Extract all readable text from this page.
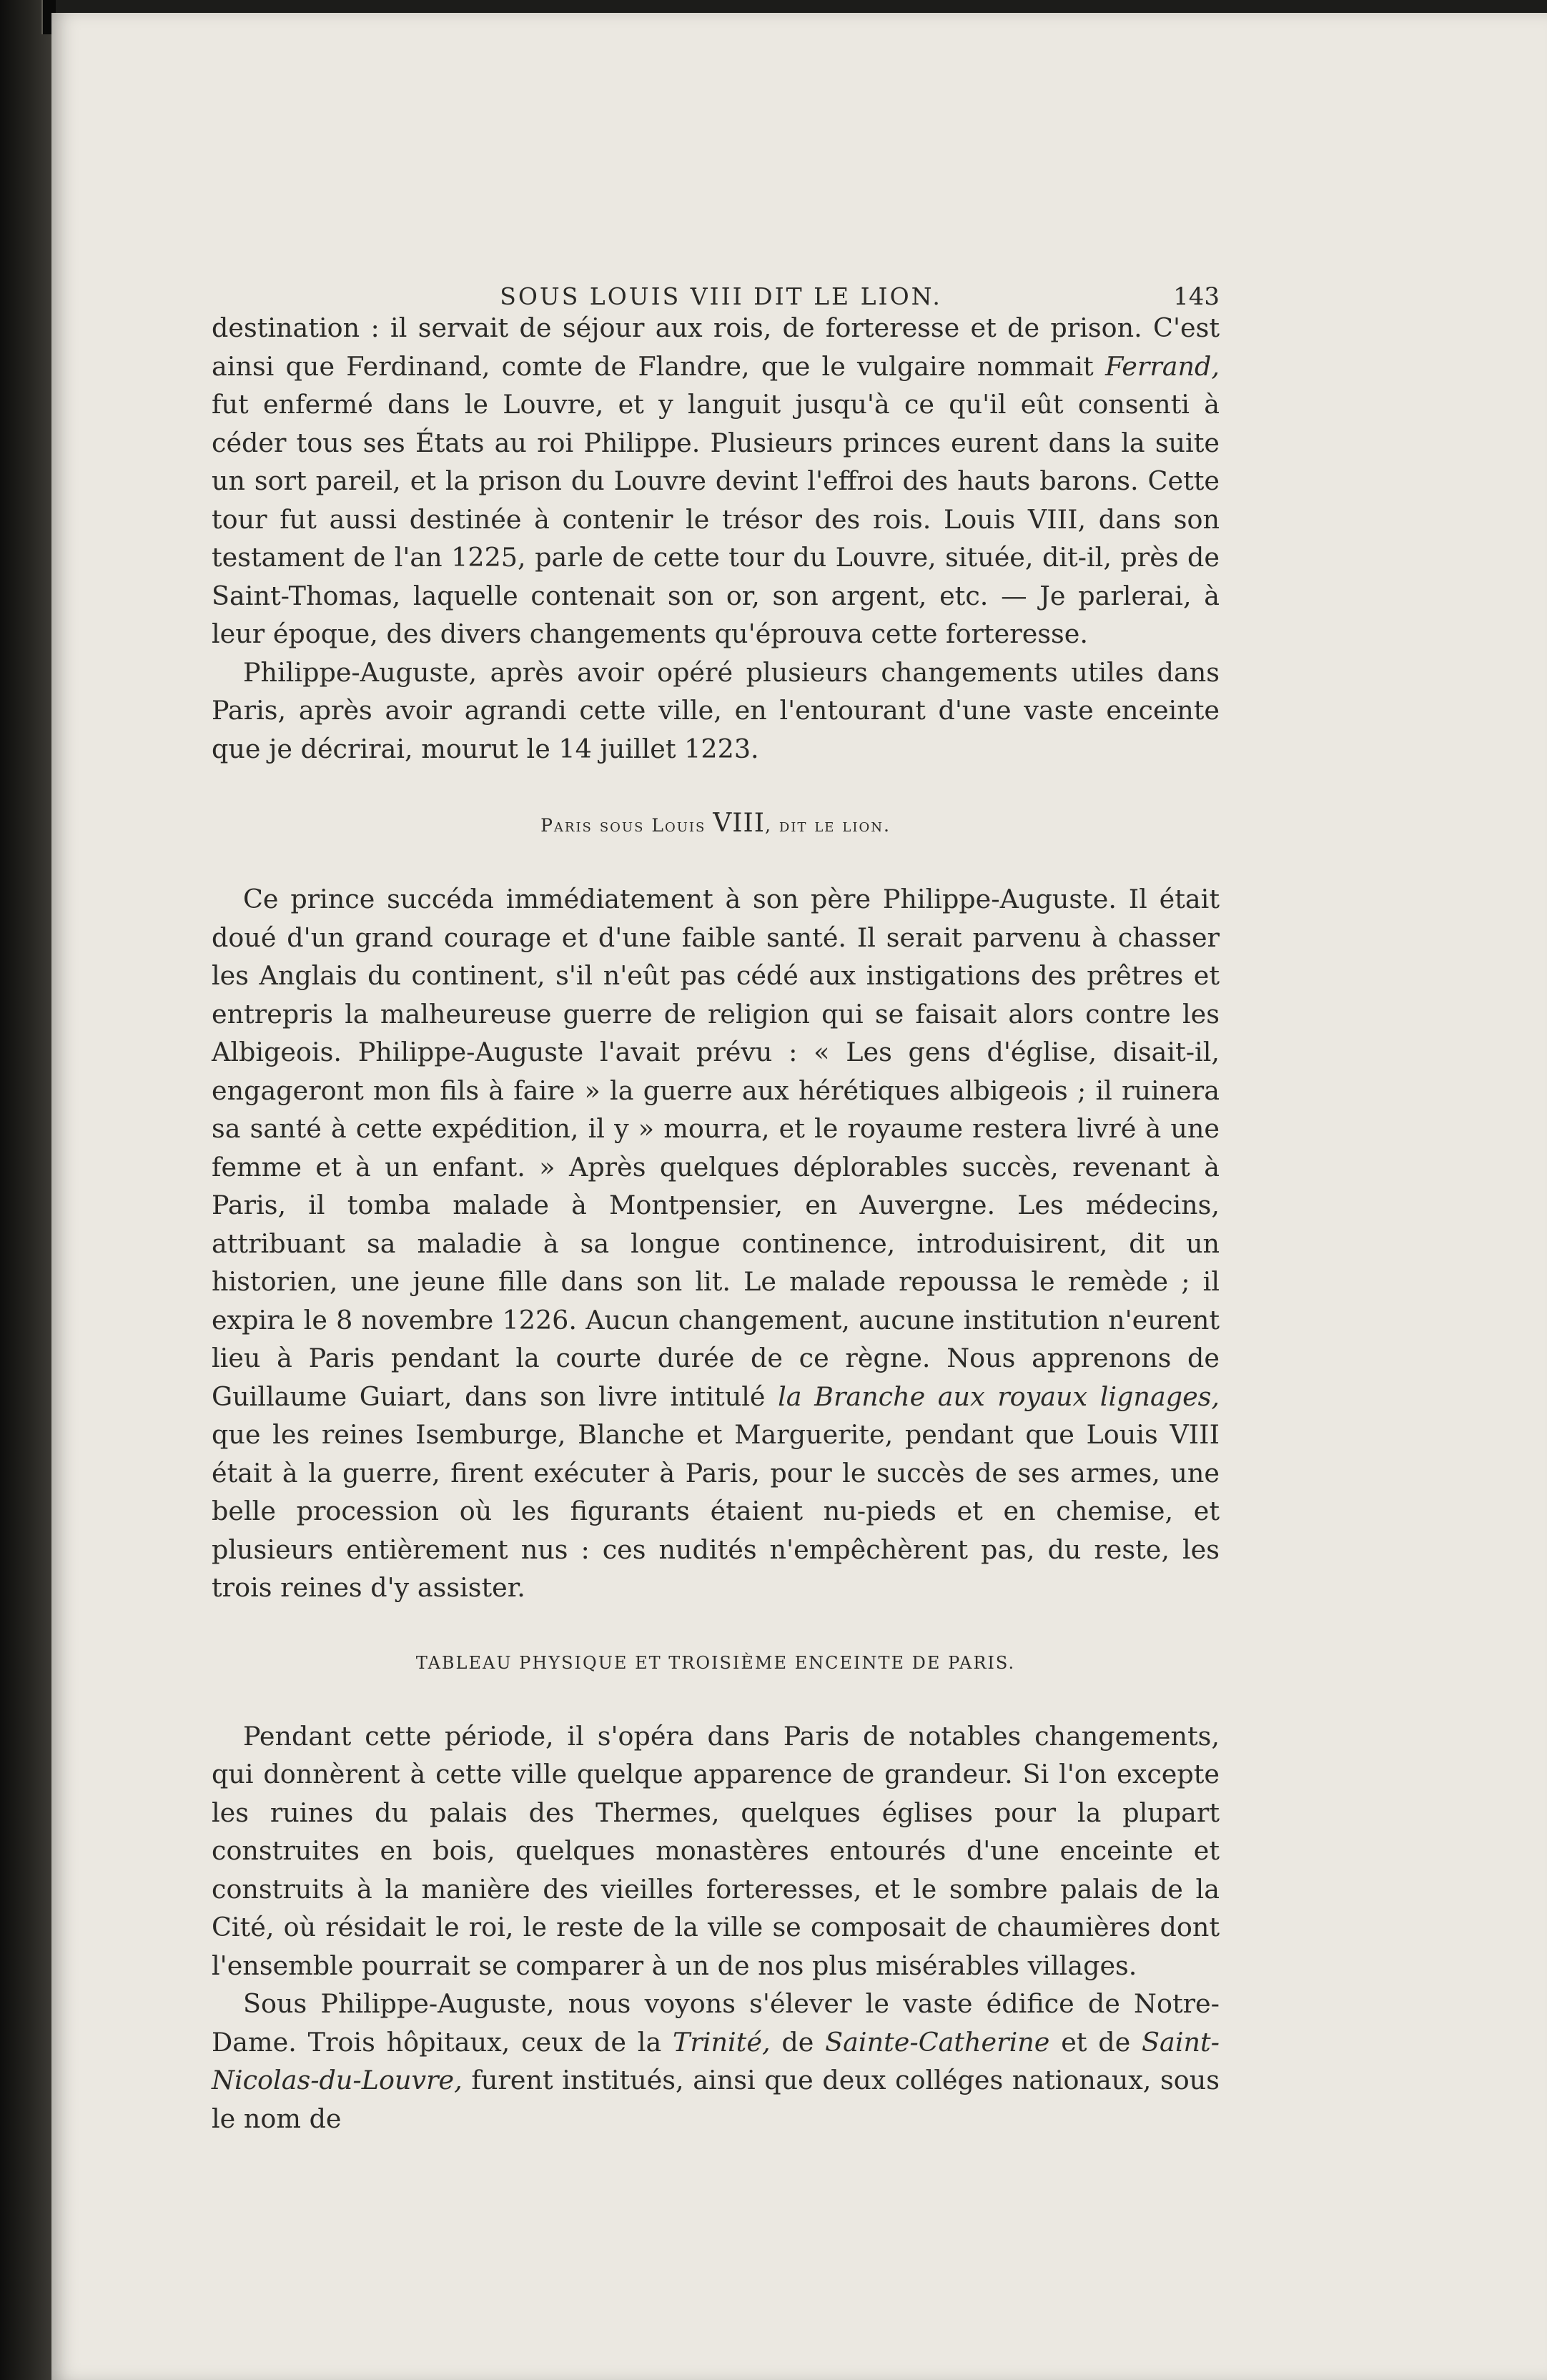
SOUS LOUIS VIII DIT LE LION.	143

destination : il servait de séjour aux rois, de forteresse et de prison. C'est ainsi que Ferdinand, comte de Flandre, que le vulgaire nommait Ferrand, fut enfermé dans le Louvre, et y languit jusqu'à ce qu'il eût consenti à céder tous ses États au roi Philippe. Plusieurs princes eurent dans la suite un sort pareil, et la prison du Louvre devint l'effroi des hauts barons. Cette tour fut aussi destinée à contenir le trésor des rois. Louis VIII, dans son testament de l'an 1225, parle de cette tour du Louvre, située, dit-il, près de Saint-Thomas, laquelle contenait son or, son argent, etc. — Je parlerai, à leur époque, des divers changements qu'éprouva cette forteresse.

Philippe-Auguste, après avoir opéré plusieurs changements utiles dans Paris, après avoir agrandi cette ville, en l'entourant d'une vaste enceinte que je décrirai, mourut le 14 juillet 1223.

Paris sous Louis VIII, dit le lion.

Ce prince succéda immédiatement à son père Philippe-Auguste. Il était doué d'un grand courage et d'une faible santé. Il serait parvenu à chasser les Anglais du continent, s'il n'eût pas cédé aux instigations des prêtres et entrepris la malheureuse guerre de religion qui se faisait alors contre les Albigeois. Philippe-Auguste l'avait prévu : « Les gens d'église, disait-il, engageront mon fils à faire » la guerre aux hérétiques albigeois ; il ruinera sa santé à cette expédition, il y » mourra, et le royaume restera livré à une femme et à un enfant. » Après quelques déplorables succès, revenant à Paris, il tomba malade à Montpensier, en Auvergne. Les médecins, attribuant sa maladie à sa longue continence, introduisirent, dit un historien, une jeune fille dans son lit. Le malade repoussa le remède ; il expira le 8 novembre 1226. Aucun changement, aucune institution n'eurent lieu à Paris pendant la courte durée de ce règne. Nous apprenons de Guillaume Guiart, dans son livre intitulé la Branche aux royaux lignages, que les reines Isemburge, Blanche et Marguerite, pendant que Louis VIII était à la guerre, firent exécuter à Paris, pour le succès de ses armes, une belle procession où les figurants étaient nu-pieds et en chemise, et plusieurs entièrement nus : ces nudités n'empêchèrent pas, du reste, les trois reines d'y assister.

TABLEAU PHYSIQUE ET TROISIÈME ENCEINTE DE PARIS.

Pendant cette période, il s'opéra dans Paris de notables changements, qui donnèrent à cette ville quelque apparence de grandeur. Si l'on excepte les ruines du palais des Thermes, quelques églises pour la plupart construites en bois, quelques monastères entourés d'une enceinte et construits à la manière des vieilles forteresses, et le sombre palais de la Cité, où résidait le roi, le reste de la ville se composait de chaumières dont l'ensemble pourrait se comparer à un de nos plus misérables villages.

Sous Philippe-Auguste, nous voyons s'élever le vaste édifice de Notre-Dame. Trois hôpitaux, ceux de la Trinité, de Sainte-Catherine et de Saint-Nicolas-du-Louvre, furent institués, ainsi que deux colléges nationaux, sous le nom de
